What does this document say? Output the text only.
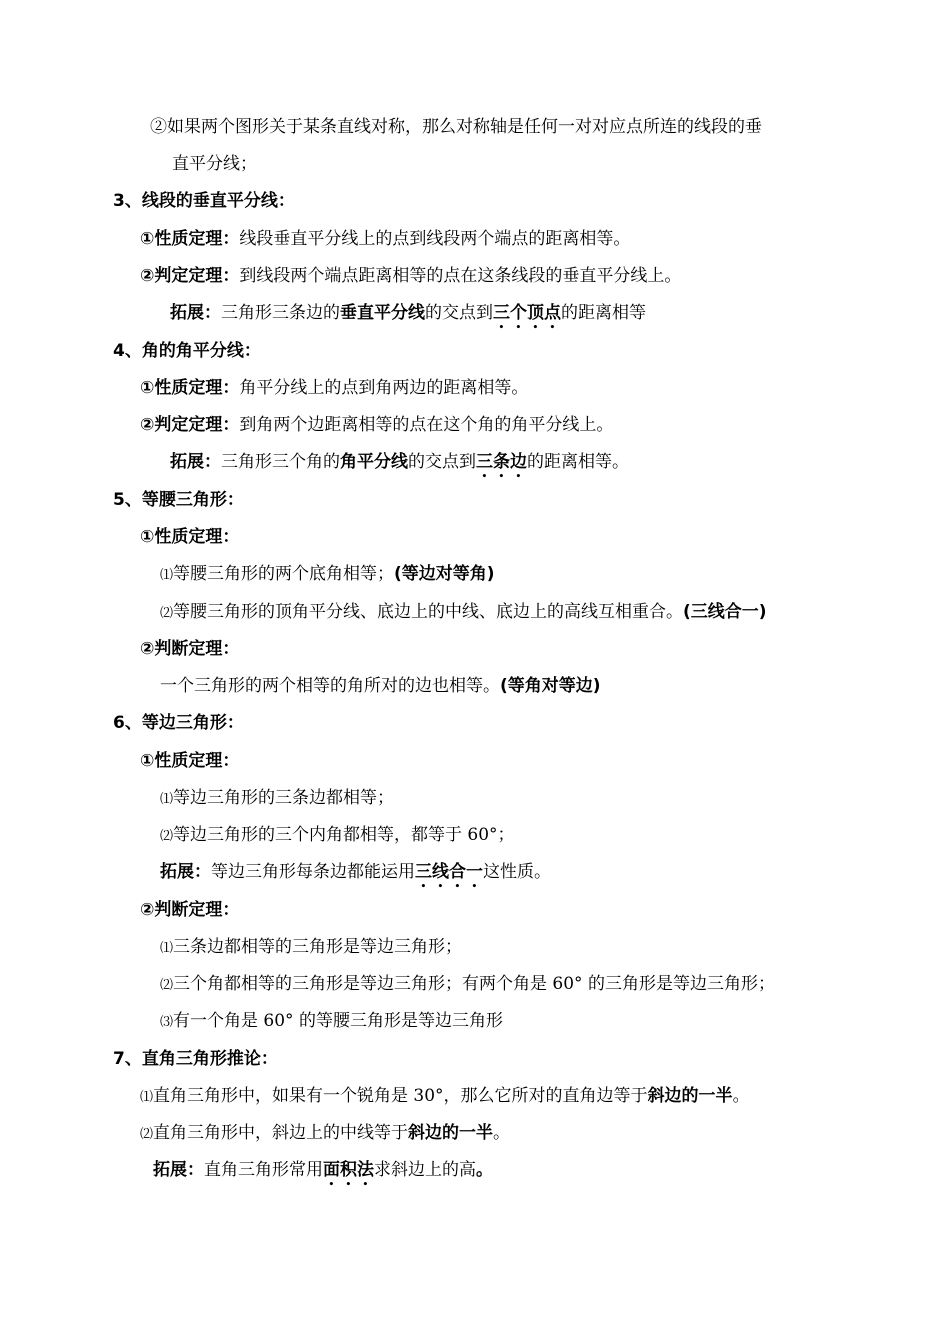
②如果两个图形关于某条直线对称，那么对称轴是任何一对对应点所连的线段的垂
直平分线；
3、线段的垂直平分线：
①性质定理：线段垂直平分线上的点到线段两个端点的距离相等。
②判定定理：到线段两个端点距离相等的点在这条线段的垂直平分线上。
拓展：三角形三条边的垂直平分线的交点到三个顶点的距离相等
4、角的角平分线：
①性质定理：角平分线上的点到角两边的距离相等。
②判定定理：到角两个边距离相等的点在这个角的角平分线上。
拓展：三角形三个角的角平分线的交点到三条边的距离相等。
5、等腰三角形：
①性质定理：
⑴等腰三角形的两个底角相等；(等边对等角)
⑵等腰三角形的顶角平分线、底边上的中线、底边上的高线互相重合。(三线合一)
②判断定理：
一个三角形的两个相等的角所对的边也相等。(等角对等边)
6、等边三角形：
①性质定理：
⑴等边三角形的三条边都相等；
⑵等边三角形的三个内角都相等，都等于 60°；
拓展：等边三角形每条边都能运用三线合一这性质。
②判断定理：
⑴三条边都相等的三角形是等边三角形；
⑵三个角都相等的三角形是等边三角形；有两个角是 60° 的三角形是等边三角形；
⑶有一个角是 60° 的等腰三角形是等边三角形
7、直角三角形推论：
⑴直角三角形中，如果有一个锐角是 30°，那么它所对的直角边等于斜边的一半。
⑵直角三角形中，斜边上的中线等于斜边的一半。
拓展：直角三角形常用面积法求斜边上的高。
